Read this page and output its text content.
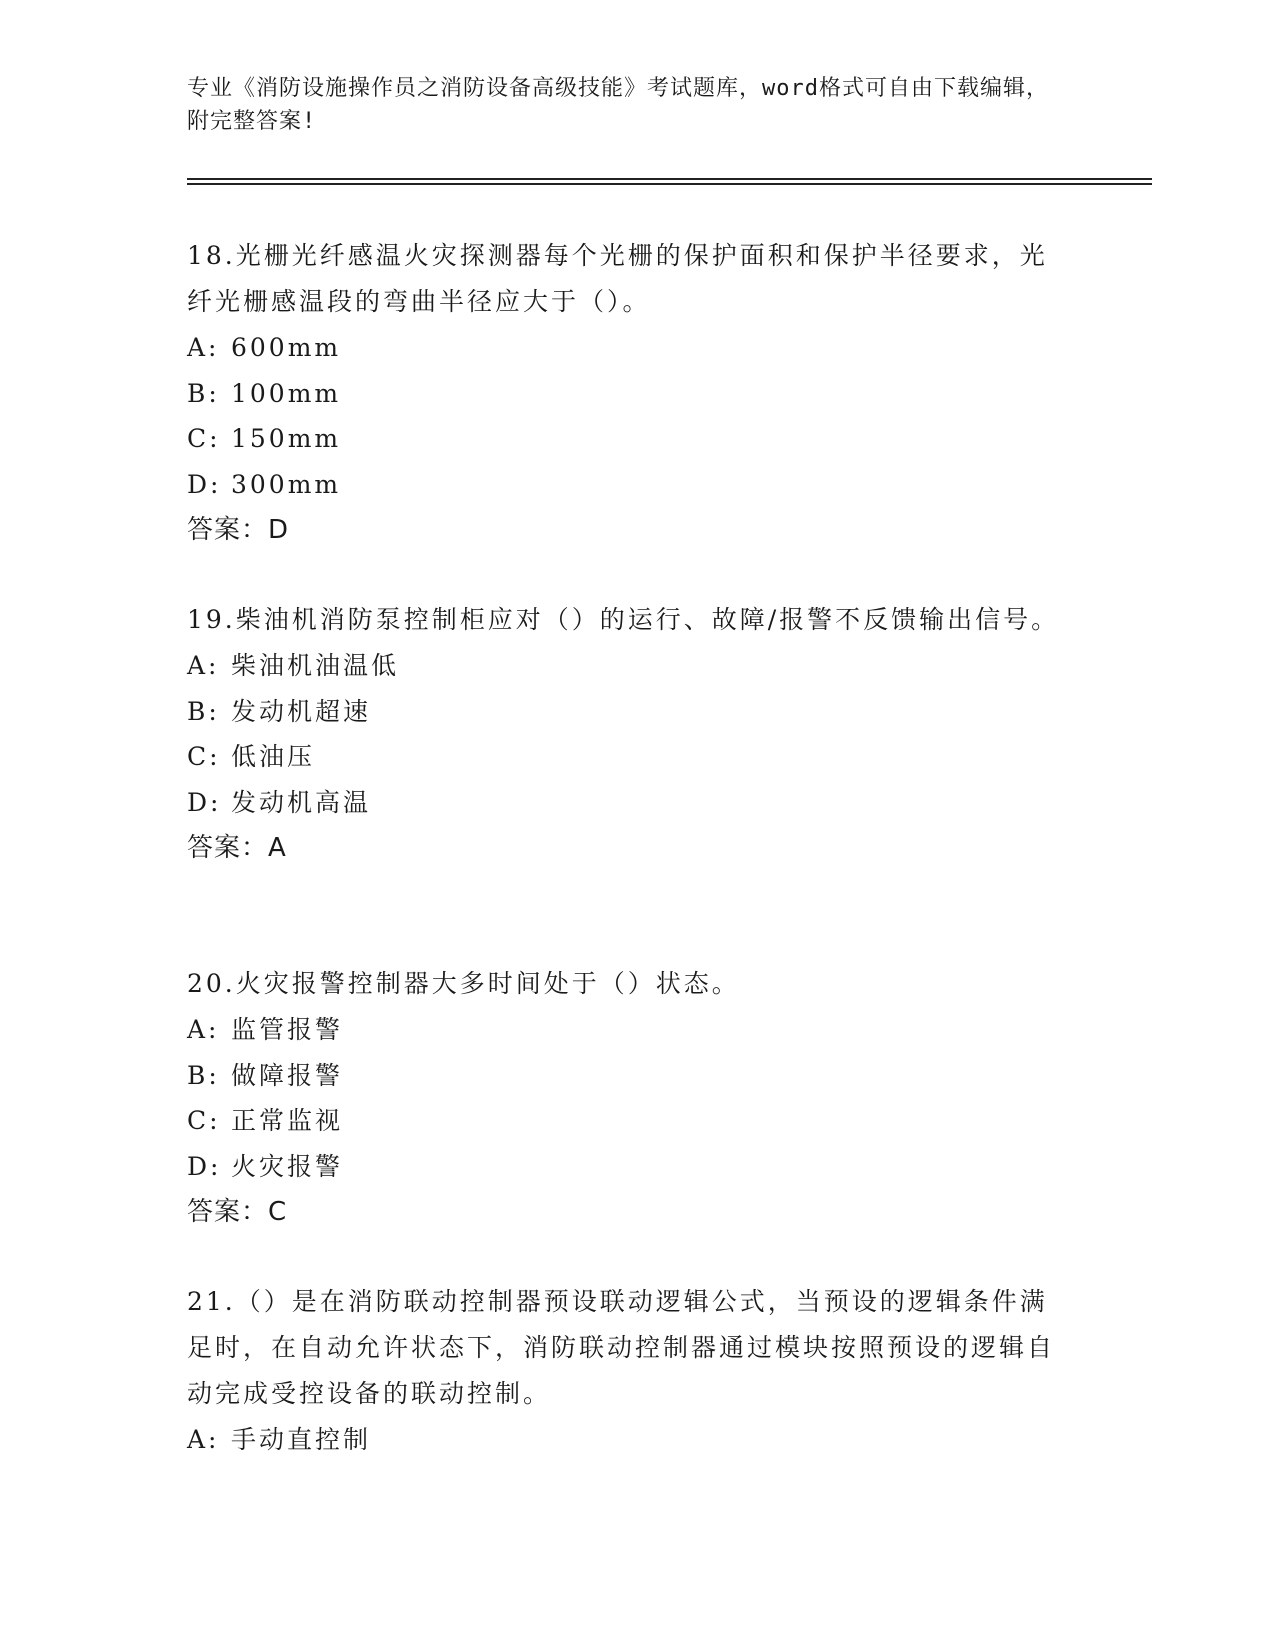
专业《消防设施操作员之消防设备高级技能》考试题库，word格式可自由下载编辑，附完整答案!
18.光栅光纤感温火灾探测器每个光栅的保护面积和保护半径要求，光纤光栅感温段的弯曲半径应大于（）。
A: 600mm
B: 100mm
C: 150mm
D: 300mm
答案：D
19.柴油机消防泵控制柜应对（）的运行、故障/报警不反馈输出信号。
A: 柴油机油温低
B: 发动机超速
C: 低油压
D: 发动机高温
答案：A
20.火灾报警控制器大多时间处于（）状态。
A: 监管报警
B: 做障报警
C: 正常监视
D: 火灾报警
答案：C
21.（）是在消防联动控制器预设联动逻辑公式，当预设的逻辑条件满足时，在自动允许状态下，消防联动控制器通过模块按照预设的逻辑自动完成受控设备的联动控制。
A: 手动直控制
